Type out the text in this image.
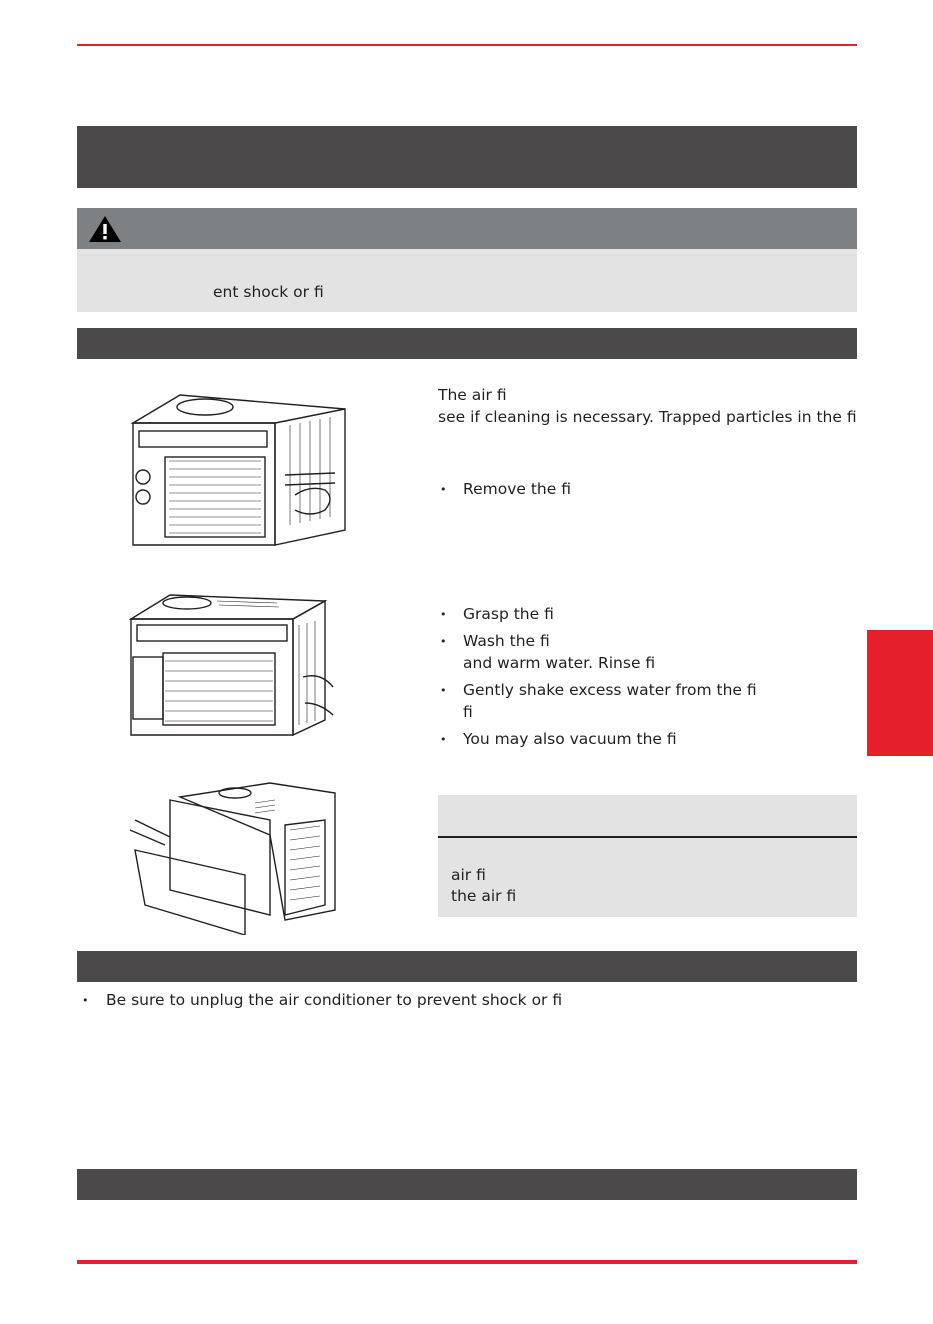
ent shock or fi
The air fi
see if cleaning is necessary. Trapped particles in the fi
• Remove the fi
• Grasp the fi
• Wash the fi
and warm water. Rinse fi
• Gently shake excess water from the fi
fi
• You may also vacuum the fi
air fi
the air fi
• Be sure to unplug the air conditioner to prevent shock or fi
